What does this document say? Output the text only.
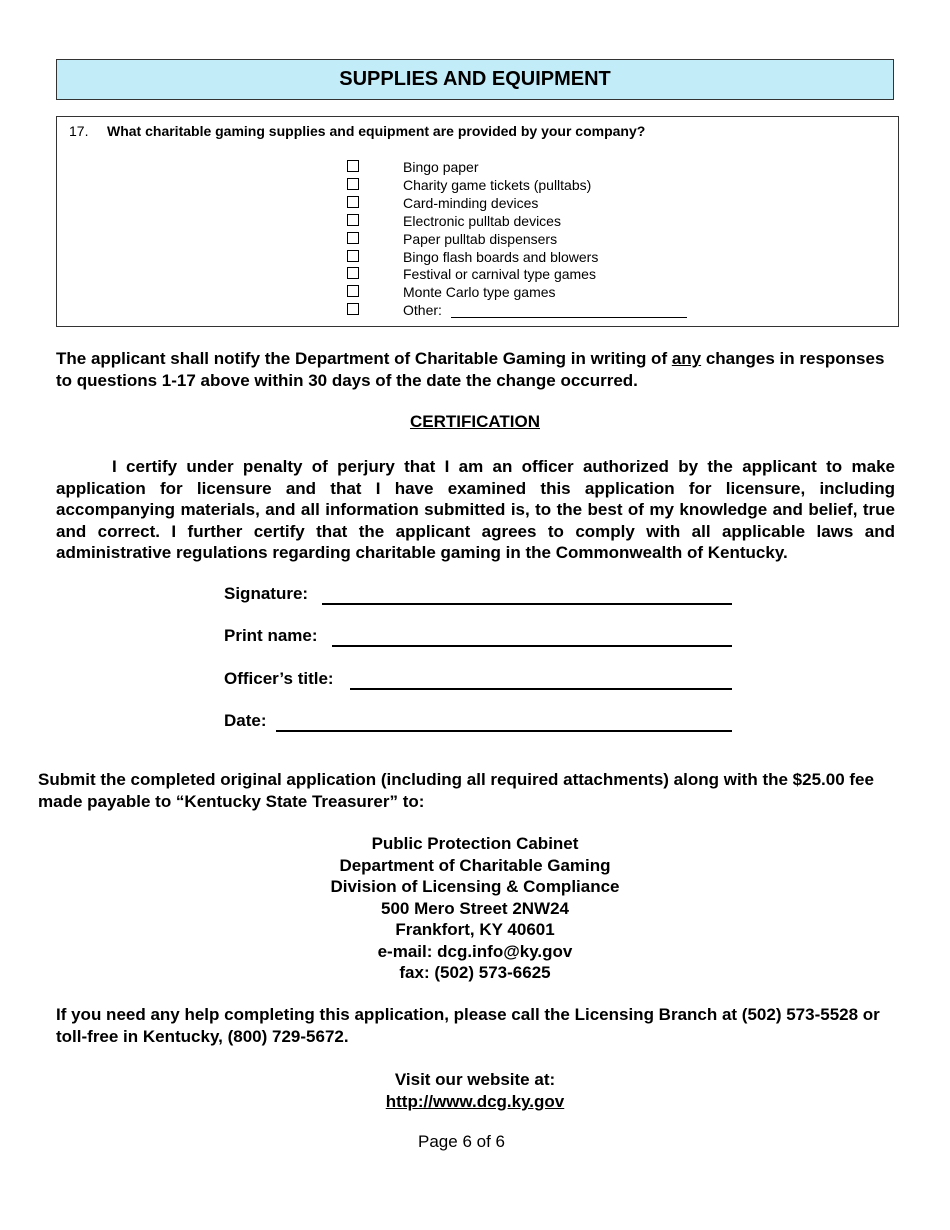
SUPPLIES AND EQUIPMENT
17. What charitable gaming supplies and equipment are provided by your company?
Bingo paper
Charity game tickets (pulltabs)
Card-minding devices
Electronic pulltab devices
Paper pulltab dispensers
Bingo flash boards and blowers
Festival or carnival type games
Monte Carlo type games
Other:
The applicant shall notify the Department of Charitable Gaming in writing of any changes in responses to questions 1-17 above within 30 days of the date the change occurred.
CERTIFICATION
I certify under penalty of perjury that I am an officer authorized by the applicant to make application for licensure and that I have examined this application for licensure, including accompanying materials, and all information submitted is, to the best of my knowledge and belief, true and correct. I further certify that the applicant agrees to comply with all applicable laws and administrative regulations regarding charitable gaming in the Commonwealth of Kentucky.
Signature:
Print name:
Officer’s title:
Date:
Submit the completed original application (including all required attachments) along with the $25.00 fee made payable to “Kentucky State Treasurer” to:
Public Protection Cabinet
Department of Charitable Gaming
Division of Licensing & Compliance
500 Mero Street 2NW24
Frankfort, KY 40601
e-mail: dcg.info@ky.gov
fax: (502) 573-6625
If you need any help completing this application, please call the Licensing Branch at (502) 573-5528 or toll-free in Kentucky, (800) 729-5672.
Visit our website at:
http://www.dcg.ky.gov
Page 6 of 6
